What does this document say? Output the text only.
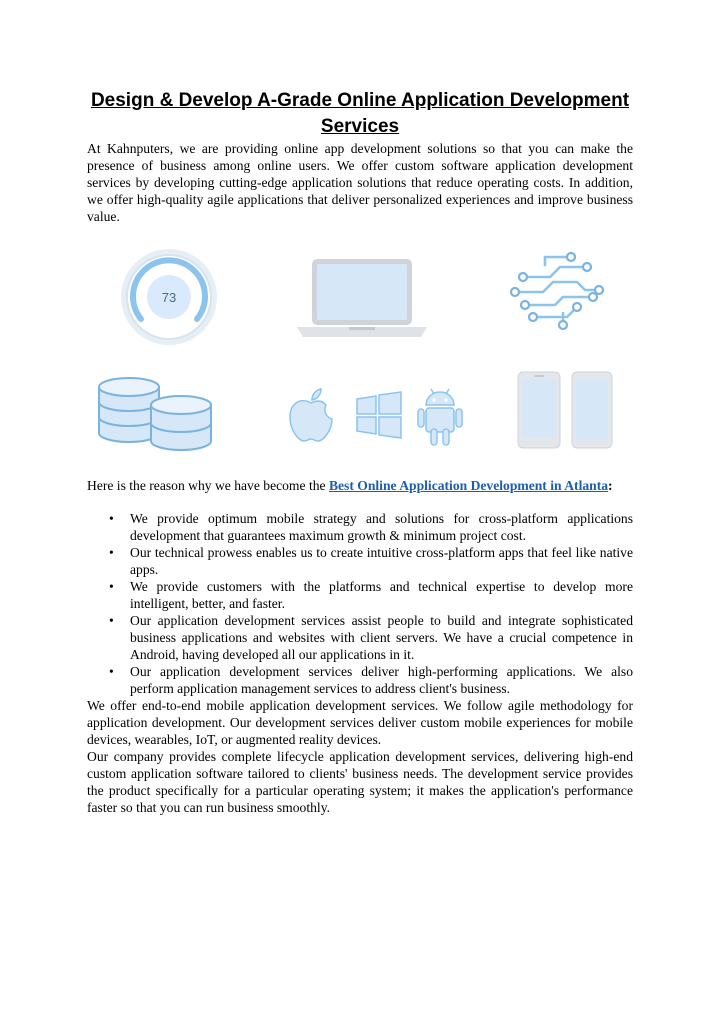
Design & Develop A-Grade Online Application Development Services

At Kahnputers, we are providing online app development solutions so that you can make the presence of business among online users. We offer custom software application development services by developing cutting-edge application solutions that reduce operating costs. In addition, we offer high-quality agile applications that deliver personalized experiences and improve business value.

73

Here is the reason why we have become the Best Online Application Development in Atlanta:

• We provide optimum mobile strategy and solutions for cross-platform applications development that guarantees maximum growth & minimum project cost.
• Our technical prowess enables us to create intuitive cross-platform apps that feel like native apps.
• We provide customers with the platforms and technical expertise to develop more intelligent, better, and faster.
• Our application development services assist people to build and integrate sophisticated business applications and websites with client servers. We have a crucial competence in Android, having developed all our applications in it.
• Our application development services deliver high-performing applications. We also perform application management services to address client's business.

We offer end-to-end mobile application development services. We follow agile methodology for application development. Our development services deliver custom mobile experiences for mobile devices, wearables, IoT, or augmented reality devices.

Our company provides complete lifecycle application development services, delivering high-end custom application software tailored to clients' business needs. The development service provides the product specifically for a particular operating system; it makes the application's performance faster so that you can run business smoothly.
